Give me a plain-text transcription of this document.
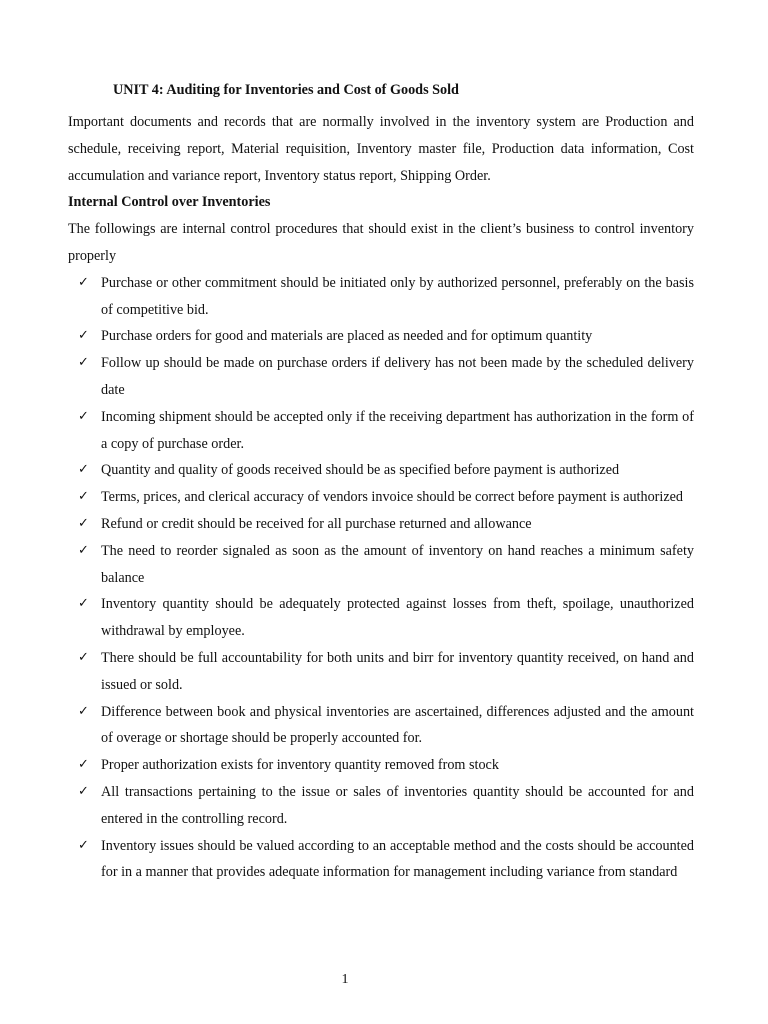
UNIT 4: Auditing for Inventories and Cost of Goods Sold

Important documents and records that are normally involved in the inventory system are Production and schedule, receiving report, Material requisition, Inventory master file, Production data information, Cost accumulation and variance report, Inventory status report, Shipping Order.

Internal Control over Inventories

The followings are internal control procedures that should exist in the client’s business to control inventory properly

✓ Purchase or other commitment should be initiated only by authorized personnel, preferably on the basis of competitive bid.
✓ Purchase orders for good and materials are placed as needed and for optimum quantity
✓ Follow up should be made on purchase orders if delivery has not been made by the scheduled delivery date
✓ Incoming shipment should be accepted only if the receiving department has authorization in the form of a copy of purchase order.
✓ Quantity and quality of goods received should be as specified before payment is authorized
✓ Terms, prices, and clerical accuracy of vendors invoice should be correct before payment is authorized
✓ Refund or credit should be received for all purchase returned and allowance
✓ The need to reorder signaled as soon as the amount of inventory on hand reaches a minimum safety balance
✓ Inventory quantity should be adequately protected against losses from theft, spoilage, unauthorized withdrawal by employee.
✓ There should be full accountability for both units and birr for inventory quantity received, on hand and issued or sold.
✓ Difference between book and physical inventories are ascertained, differences adjusted and the amount of overage or shortage should be properly accounted for.
✓ Proper authorization exists for inventory quantity removed from stock
✓ All transactions pertaining to the issue or sales of inventories quantity should be accounted for and entered in the controlling record.
✓ Inventory issues should be valued according to an acceptable method and the costs should be accounted for in a manner that provides adequate information for management including variance from standard
1
